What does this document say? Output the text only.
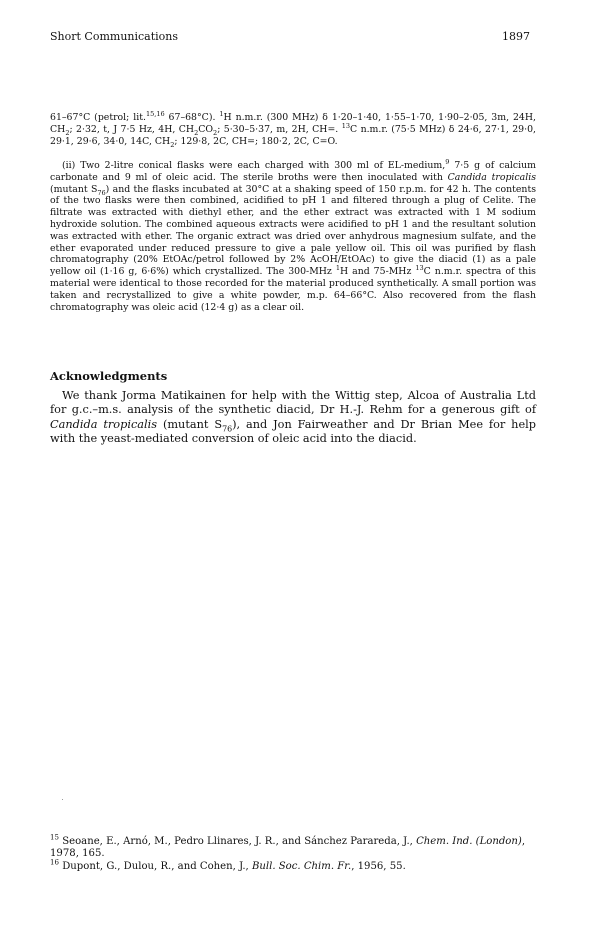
Short Communications	1897

61–67°C (petrol; lit.$^{15,16}$ 67–68°C). $^1$H n.m.r. (300 MHz) δ 1·20–1·40, 1·55–1·70, 1·90–2·05, 3m, 24H, $CH_2$; 2·32, t, J 7·5 Hz, 4H, $CH_2CO_2$; 5·30–5·37, m, 2H, CH=. $^{13}$C n.m.r. (75·5 MHz) δ 24·6, 27·1, 29·0, 29·1, 29·6, 34·0, 14C, $CH_2$; 129·8, 2C, CH=; 180·2, 2C, C=O.

(ii) Two 2-litre conical flasks were each charged with 300 ml of EL-medium,$^9$ 7·5 g of calcium carbonate and 9 ml of oleic acid. The sterile broths were then inoculated with Candida tropicalis (mutant $S_{76}$) and the flasks incubated at 30°C at a shaking speed of 150 r.p.m. for 42 h. The contents of the two flasks were then combined, acidified to pH 1 and filtered through a plug of Celite. The filtrate was extracted with diethyl ether, and the ether extract was extracted with 1 M sodium hydroxide solution. The combined aqueous extracts were acidified to pH 1 and the resultant solution was extracted with ether. The organic extract was dried over anhydrous magnesium sulfate, and the ether evaporated under reduced pressure to give a pale yellow oil. This oil was purified by flash chromatography (20% EtOAc/petrol followed by 2% AcOH/EtOAc) to give the diacid (1) as a pale yellow oil (1·16 g, 6·6%) which crystallized. The 300-MHz $^1$H and 75-MHz $^{13}$C n.m.r. spectra of this material were identical to those recorded for the material produced synthetically. A small portion was taken and recrystallized to give a white powder, m.p. 64–66°C. Also recovered from the flash chromatography was oleic acid (12·4 g) as a clear oil.

Acknowledgments
We thank Jorma Matikainen for help with the Wittig step, Alcoa of Australia Ltd for g.c.–m.s. analysis of the synthetic diacid, Dr H.-J. Rehm for a generous gift of Candida tropicalis (mutant $S_{76}$), and Jon Fairweather and Dr Brian Mee for help with the yeast-mediated conversion of oleic acid into the diacid.

$^{15}$ Seoane, E., Arnó, M., Pedro Llinares, J. R., and Sánchez Parareda, J., Chem. Ind. (London), 1978, 165.

$^{16}$ Dupont, G., Dulou, R., and Cohen, J., Bull. Soc. Chim. Fr., 1956, 55.
